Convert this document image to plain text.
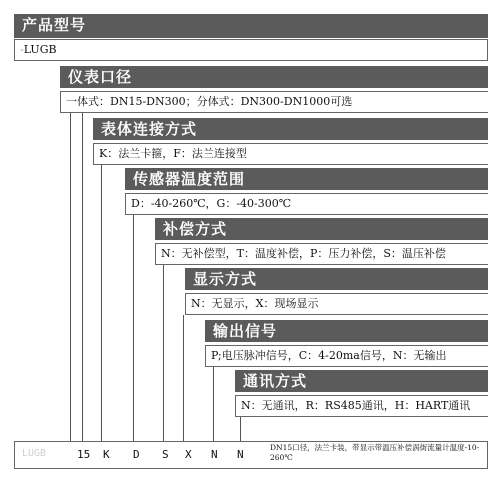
产品型号
-LUGB
仪表口径
一体式：DN15-DN300；分体式：DN300-DN1000可选
表体连接方式
K：法兰卡箍，F：法兰连接型
传感器温度范围
D：-40-260℃，G：-40-300℃
补偿方式
N：无补偿型，T：温度补偿，P：压力补偿，S：温压补偿
显示方式
N：无显示，X：现场显示
输出信号
P;电压脉冲信号，C：4-20ma信号，N：无输出
通讯方式
N：无通讯，R：RS485通讯，H：HART通讯
LUGB	15 K D S X N N
DN15口径，法兰卡装，带显示带温压补偿涡街流量计温度-10-260℃
